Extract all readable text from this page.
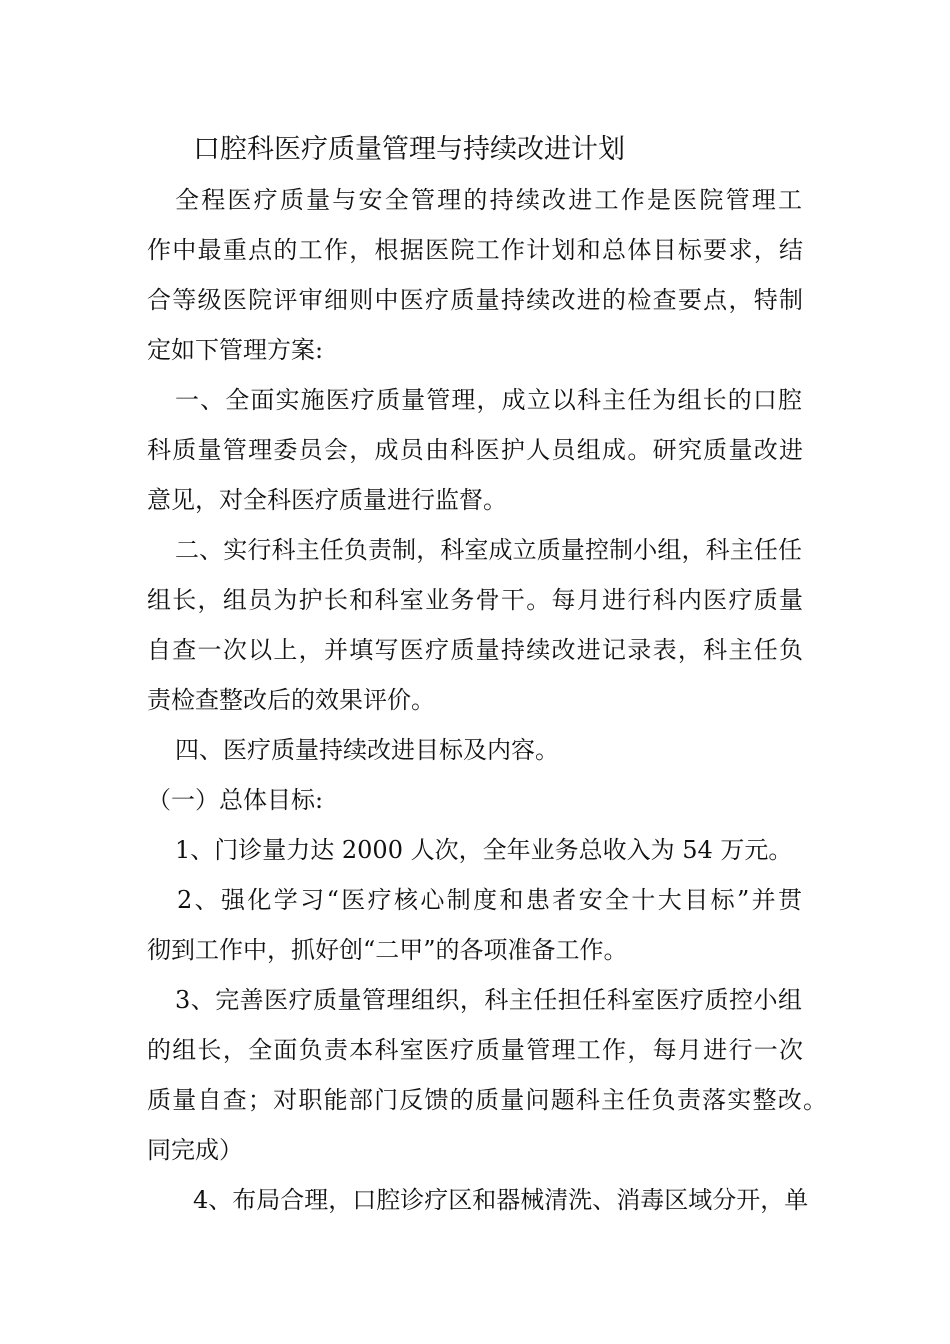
口腔科医疗质量管理与持续改进计划
全程医疗质量与安全管理的持续改进工作是医院管理工
作中最重点的工作，根据医院工作计划和总体目标要求，结
合等级医院评审细则中医疗质量持续改进的检查要点，特制
定如下管理方案:
一、全面实施医疗质量管理，成立以科主任为组长的口腔
科质量管理委员会，成员由科医护人员组成。研究质量改进
意见，对全科医疗质量进行监督。
二、实行科主任负责制，科室成立质量控制小组，科主任任
组长，组员为护长和科室业务骨干。每月进行科内医疗质量
自查一次以上，并填写医疗质量持续改进记录表，科主任负
责检查整改后的效果评价。
四、医疗质量持续改进目标及内容。
（一）总体目标:
1、门诊量力达 2000 人次，全年业务总收入为 54 万元。
2、强化学习“医疗核心制度和患者安全十大目标”并贯
彻到工作中，抓好创“二甲”的各项准备工作。
3、完善医疗质量管理组织，科主任担任科室医疗质控小组
的组长，全面负责本科室医疗质量管理工作，每月进行一次
质量自查；对职能部门反馈的质量问题科主任负责落实整改。
同完成）
4、布局合理，口腔诊疗区和器械清洗、消毒区域分开，单
